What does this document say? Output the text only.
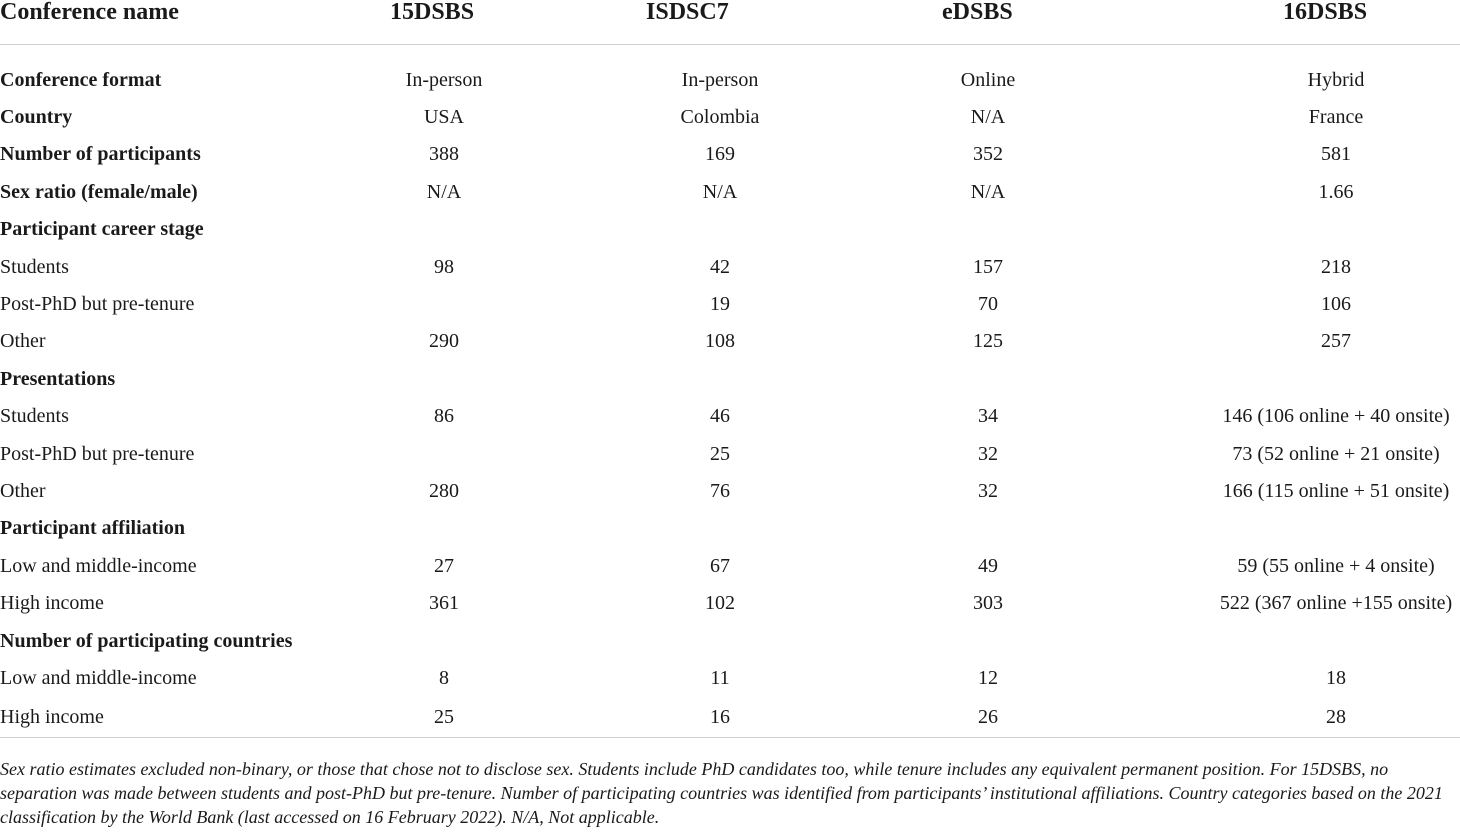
Conference name	15DSBS	ISDSC7	eDSBS	16DSBS

Conference format	In-person	In-person	Online	Hybrid
Country	USA	Colombia	N/A	France
Number of participants	388	169	352	581
Sex ratio (female/male)	N/A	N/A	N/A	1.66
Participant career stage				
Students	98	42	157	218
Post-PhD but pre-tenure		19	70	106
Other	290	108	125	257
Presentations				
Students	86	46	34	146 (106 online + 40 onsite)
Post-PhD but pre-tenure		25	32	73 (52 online + 21 onsite)
Other	280	76	32	166 (115 online + 51 onsite)
Participant affiliation				
Low and middle-income	27	67	49	59 (55 online + 4 onsite)
High income	361	102	303	522 (367 online +155 onsite)
Number of participating countries				
Low and middle-income	8	11	12	18
High income	25	16	26	28

Sex ratio estimates excluded non-binary, or those that chose not to disclose sex. Students include PhD candidates too, while tenure includes any equivalent permanent position. For 15DSBS, no separation was made between students and post-PhD but pre-tenure. Number of participating countries was identified from participants’ institutional affiliations. Country categories based on the 2021 classification by the World Bank (last accessed on 16 February 2022). N/A, Not applicable.
